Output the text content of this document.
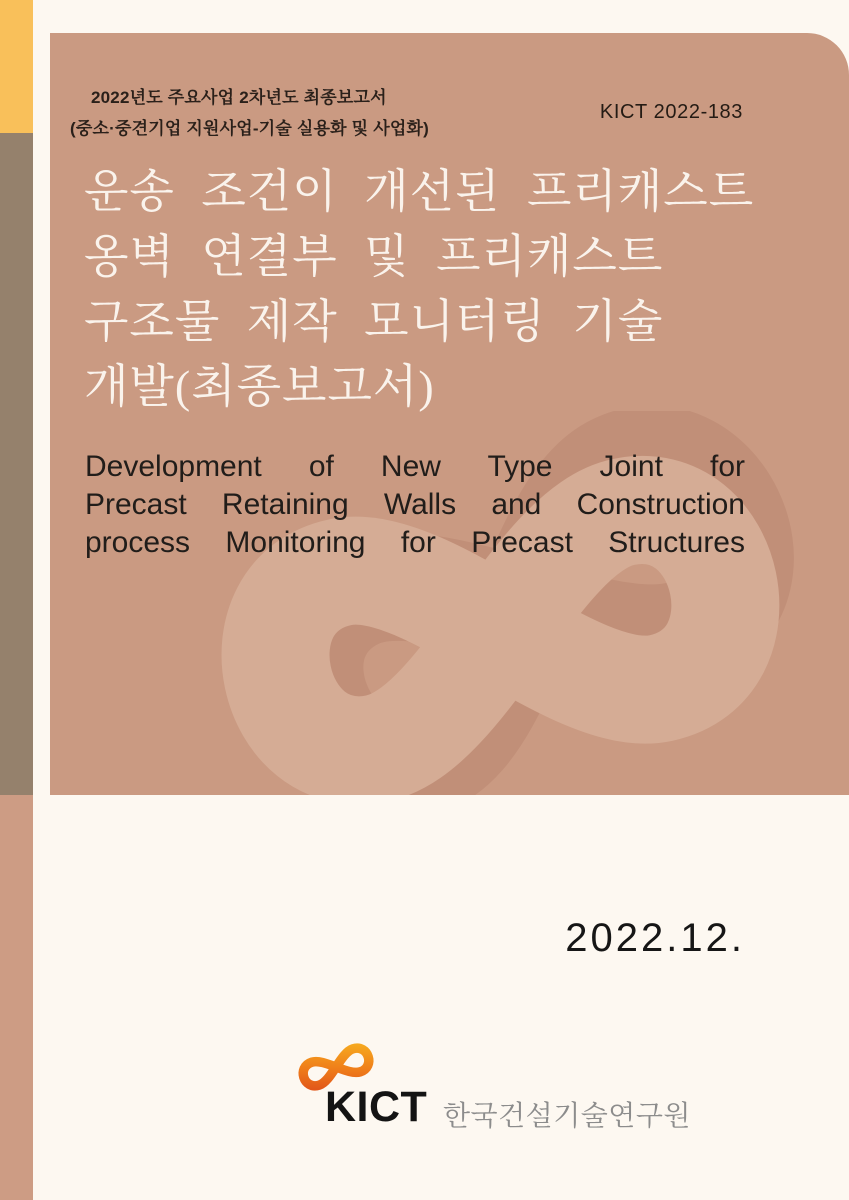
2022년도 주요사업 2차년도 최종보고서
(중소·중견기업 지원사업-기술 실용화 및 사업화)
KICT 2022-183
운송 조건이 개선된 프리캐스트
옹벽 연결부 및 프리캐스트
구조물 제작 모니터링 기술
개발(최종보고서)
Development of New Type Joint for
Precast Retaining Walls and Construction
process Monitoring for Precast Structures
2022.12.
KICT 한국건설기술연구원
